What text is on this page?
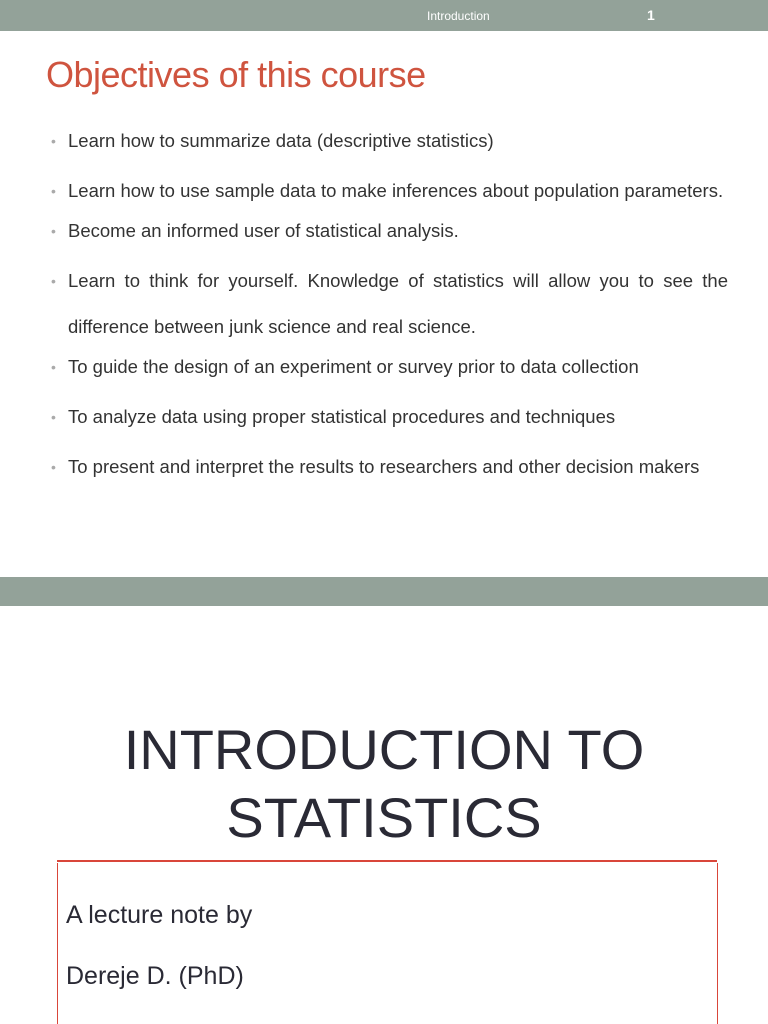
Introduction	1
Objectives of this course
• Learn how to summarize data (descriptive statistics)
• Learn how to use sample data to make inferences about population parameters.
• Become an informed user of statistical analysis.
• Learn to think for yourself. Knowledge of statistics will allow you to see the difference between junk science and real science.
• To guide the design of an experiment or survey prior to data collection
• To analyze data using proper statistical procedures and techniques
• To present and interpret the results to researchers and other decision makers
INTRODUCTION TO
STATISTICS
A lecture note by
Dereje D. (PhD)
